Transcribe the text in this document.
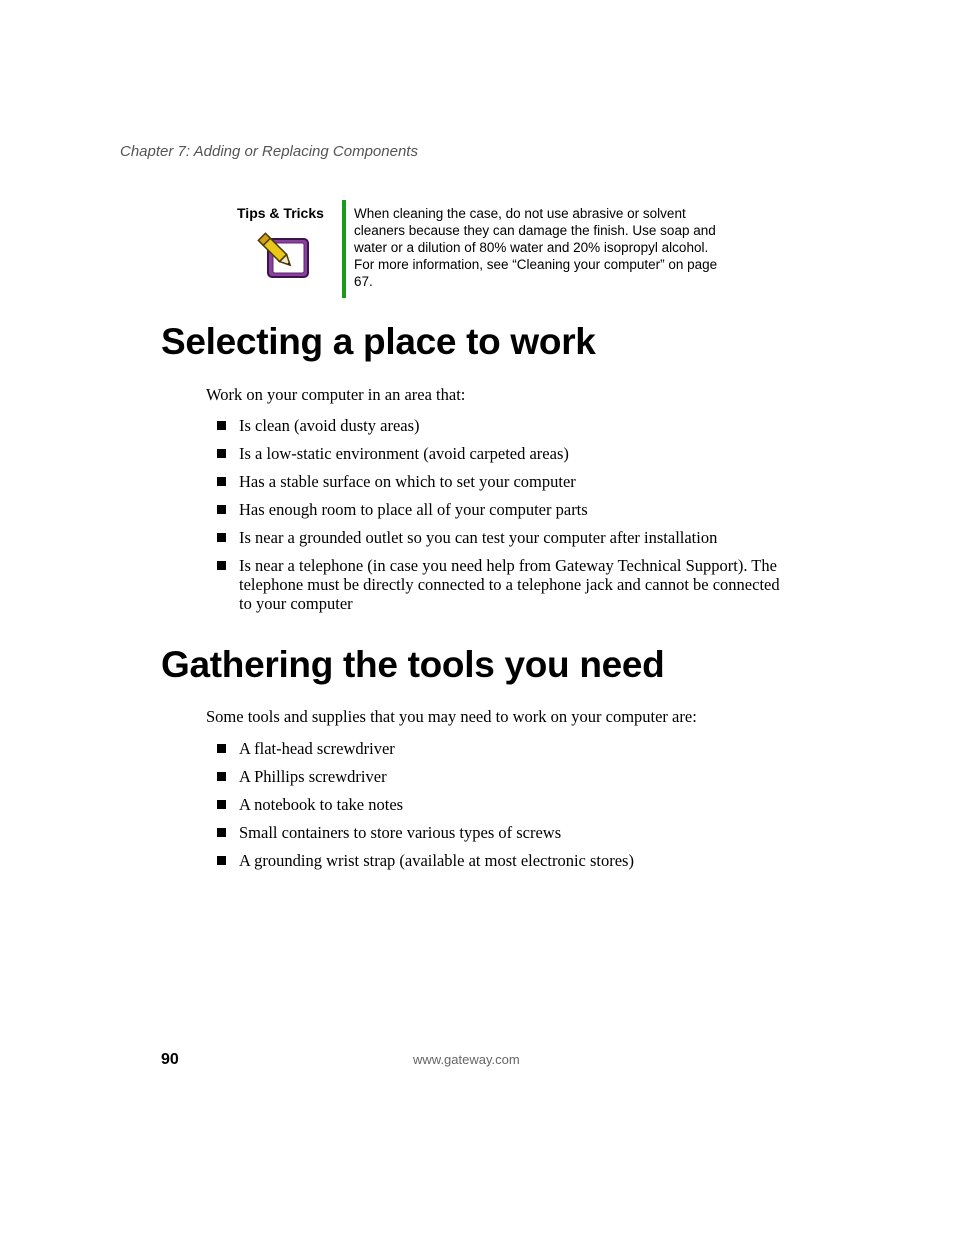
Chapter 7: Adding or Replacing Components
Tips & Tricks When cleaning the case, do not use abrasive or solvent cleaners because they can damage the finish. Use soap and water or a dilution of 80% water and 20% isopropyl alcohol. For more information, see “Cleaning your computer” on page 67.

Selecting a place to work

Work on your computer in an area that:

Is clean (avoid dusty areas)
Is a low-static environment (avoid carpeted areas)
Has a stable surface on which to set your computer
Has enough room to place all of your computer parts
Is near a grounded outlet so you can test your computer after installation
Is near a telephone (in case you need help from Gateway Technical Support). The telephone must be directly connected to a telephone jack and cannot be connected to your computer
Gathering the tools you need

Some tools and supplies that you may need to work on your computer are:

A flat-head screwdriver
A Phillips screwdriver
A notebook to take notes
Small containers to store various types of screws
A grounding wrist strap (available at most electronic stores)
90	www.gateway.com
